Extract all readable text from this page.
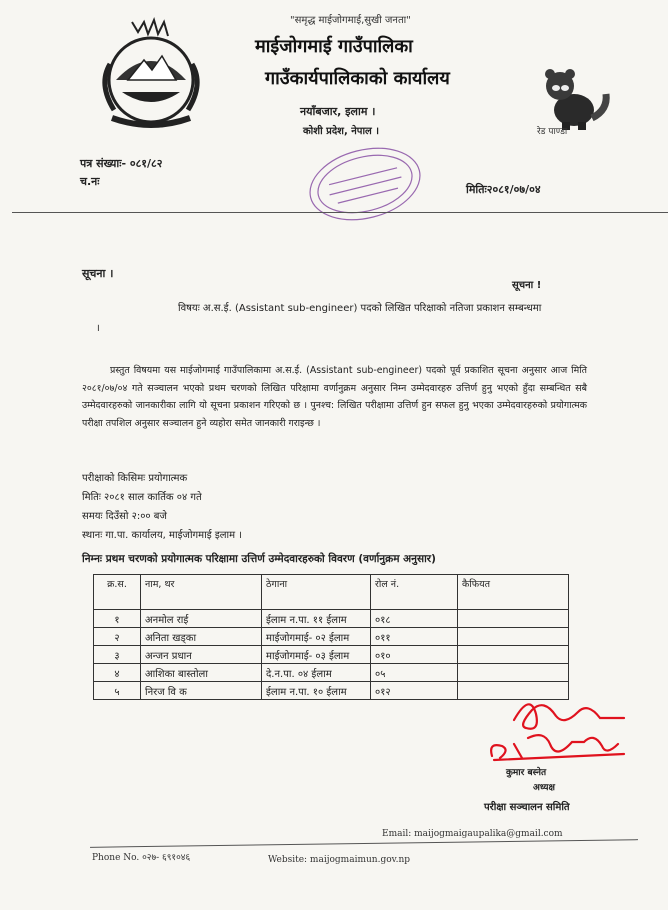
"समृद्ध माईजोगमाई,सुखी जनता"
माईजोगमाई गाउँपालिका
गाउँकार्यपालिकाको कार्यालय
नयाँबजार, इलाम ।
कोशी प्रदेश, नेपाल ।	रेड पाण्डा
पत्र संख्याः- ०८१/८२
च.नः
मितिः२०८१/०७/०४
सूचना ।
सूचना !
विषयः अ.स.ई. (Assistant sub-engineer) पदको लिखित परिक्षाको नतिजा प्रकाशन सम्बन्धमा
।
प्रस्तुत विषयमा यस माईजोगमाई गाउँपालिकामा अ.स.ई. (Assistant sub-engineer) पदको पूर्व प्रकाशित सूचना अनुसार आज मिति २०८१/०७/०४ गते सञ्चालन भएको प्रथम चरणको लिखित परिक्षामा वर्णानुक्रम अनुसार निम्न उम्मेदवारहरु उत्तिर्ण हुनु भएको हुँदा सम्बन्धित सबै उम्मेदवारहरुको जानकारीका लागि यो सूचना प्रकाशन गरिएको छ । पुनश्च: लिखित परीक्षामा उत्तिर्ण हुन सफल हुनु भएका उम्मेदवारहरुको प्रयोगात्मक परीक्षा तपशिल अनुसार सञ्चालन हुने व्यहोरा समेत जानकारी गराइन्छ ।
परीक्षाको किसिमः प्रयोगात्मक
मितिः २०८१ साल कार्तिक ०४ गते
समयः दिउँसो २:०० बजे
स्थानः गा.पा. कार्यालय, माईजोगमाई इलाम ।
निम्नः प्रथम चरणको प्रयोगात्मक परिक्षामा उत्तिर्ण उम्मेदवारहरुको विवरण (वर्णानुक्रम अनुसार)
क्र.स.	नाम, थर	ठेगाना	रोल नं.	कैफियत
१	अनमोल राई	ईलाम न.पा. ११ ईलाम	०१८	
२	अनिता खड्का	माईजोगमाई- ०२ ईलाम	०११	
३	अन्जन प्रधान	माईजोगमाई- ०३ ईलाम	०१०	
४	आशिका बास्तोला	दे.न.पा. ०४ ईलाम	०५	
५	निरज वि क	ईलाम न.पा. १० ईलाम	०१२	
कुमार बस्नेत
अध्यक्ष
परीक्षा सञ्चालन समिति
Email: maijogmaigaupalika@gmail.com
Phone No. ०२७- ६९१०४६	Website: maijogmaimun.gov.np
